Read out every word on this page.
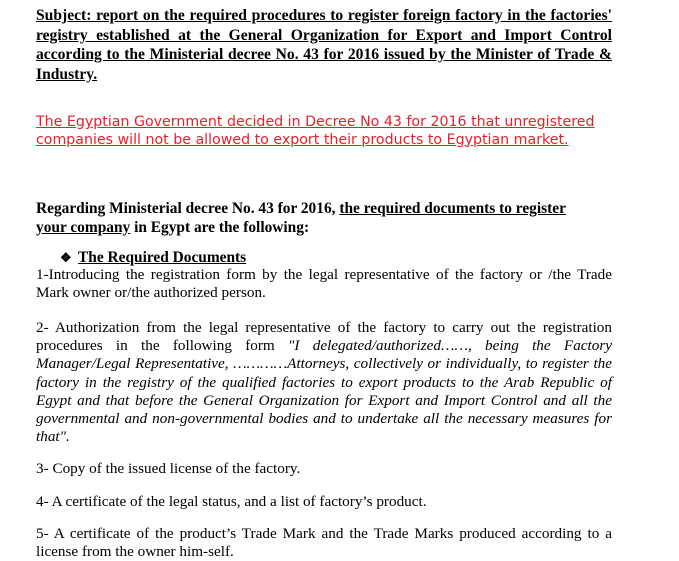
Subject: report on the required procedures to register foreign factory in the factories' registry established at the General Organization for Export and Import Control according to the Ministerial decree No. 43 for 2016 issued by the Minister of Trade & Industry.
The Egyptian Government decided in Decree No 43 for 2016 that unregistered companies will not be allowed to export their products to Egyptian market.
Regarding Ministerial decree No. 43 for 2016, the required documents to register your company in Egypt are the following:
❖ The Required Documents
1-Introducing the registration form by the legal representative of the factory or /the Trade Mark owner or/the authorized person.
2- Authorization from the legal representative of the factory to carry out the registration procedures in the following form "I delegated/authorized……, being the Factory Manager/Legal Representative, …………Attorneys, collectively or individually, to register the factory in the registry of the qualified factories to export products to the Arab Republic of Egypt and that before the General Organization for Export and Import Control and all the governmental and non-governmental bodies and to undertake all the necessary measures for that".
3- Copy of the issued license of the factory.
4- A certificate of the legal status, and a list of factory’s product.
5- A certificate of the product’s Trade Mark and the Trade Marks produced according to a license from the owner him-self.
